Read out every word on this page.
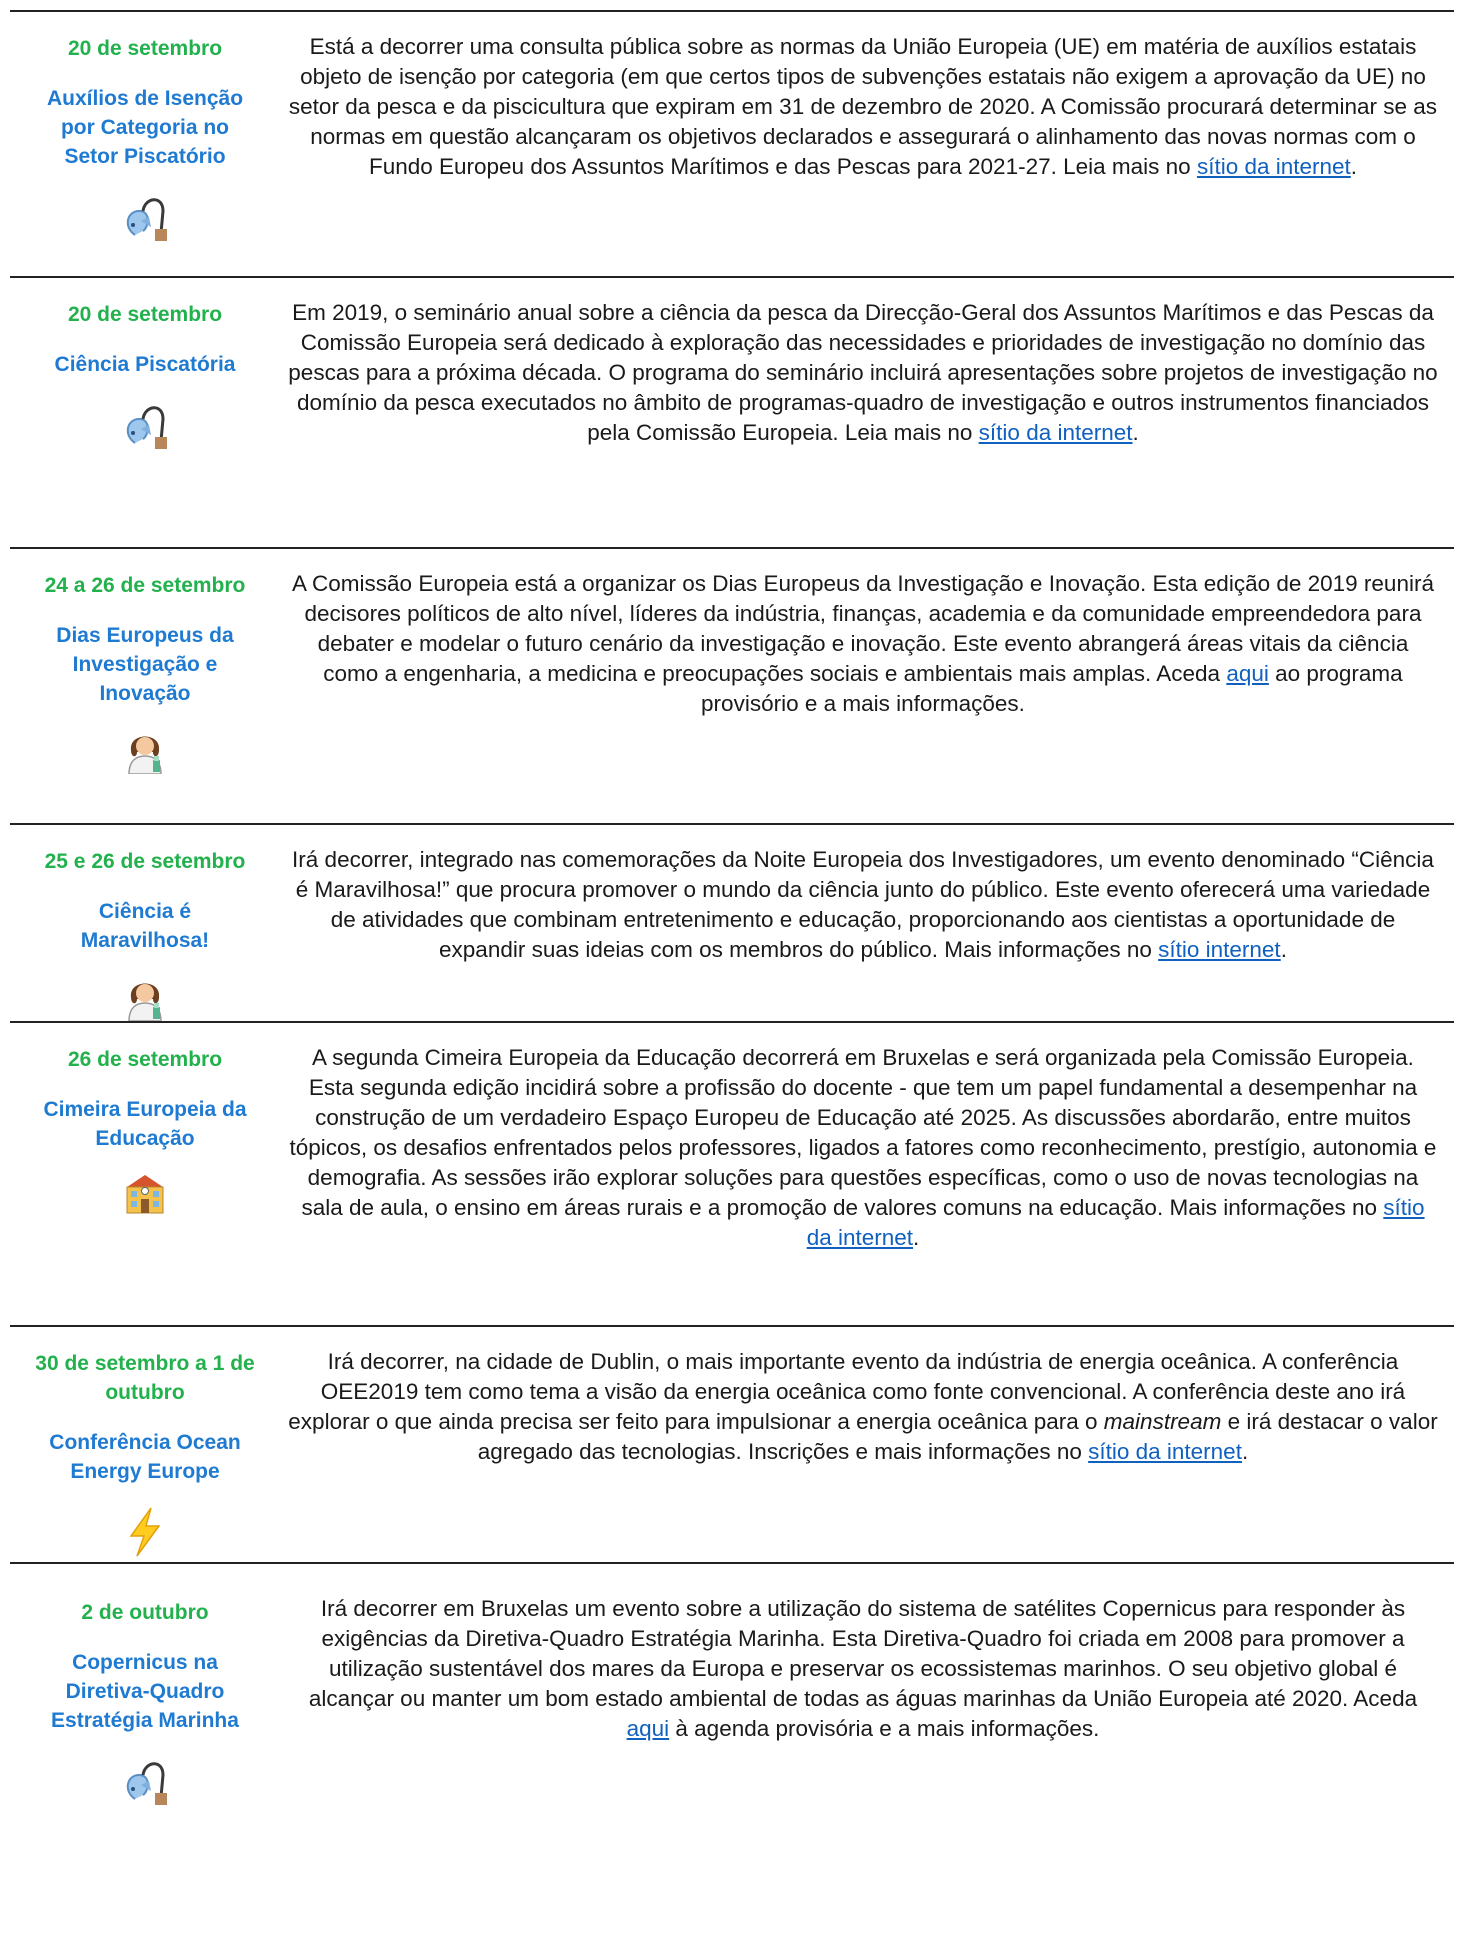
20 de setembro
Auxílios de Isenção por Categoria no Setor Piscatório
Está a decorrer uma consulta pública sobre as normas da União Europeia (UE) em matéria de auxílios estatais objeto de isenção por categoria (em que certos tipos de subvenções estatais não exigem a aprovação da UE) no setor da pesca e da piscicultura que expiram em 31 de dezembro de 2020. A Comissão procurará determinar se as normas em questão alcançaram os objetivos declarados e assegurará o alinhamento das novas normas com o Fundo Europeu dos Assuntos Marítimos e das Pescas para 2021-27. Leia mais no sítio da internet.
20 de setembro
Ciência Piscatória
Em 2019, o seminário anual sobre a ciência da pesca da Direcção-Geral dos Assuntos Marítimos e das Pescas da Comissão Europeia será dedicado à exploração das necessidades e prioridades de investigação no domínio das pescas para a próxima década. O programa do seminário incluirá apresentações sobre projetos de investigação no domínio da pesca executados no âmbito de programas-quadro de investigação e outros instrumentos financiados pela Comissão Europeia. Leia mais no sítio da internet.
24 a 26 de setembro
Dias Europeus da Investigação e Inovação
A Comissão Europeia está a organizar os Dias Europeus da Investigação e Inovação. Esta edição de 2019 reunirá decisores políticos de alto nível, líderes da indústria, finanças, academia e da comunidade empreendedora para debater e modelar o futuro cenário da investigação e inovação. Este evento abrangerá áreas vitais da ciência como a engenharia, a medicina e preocupações sociais e ambientais mais amplas. Aceda aqui ao programa provisório e a mais informações.
25 e 26 de setembro
Ciência é Maravilhosa!
Irá decorrer, integrado nas comemorações da Noite Europeia dos Investigadores, um evento denominado “Ciência é Maravilhosa!” que procura promover o mundo da ciência junto do público. Este evento oferecerá uma variedade de atividades que combinam entretenimento e educação, proporcionando aos cientistas a oportunidade de expandir suas ideias com os membros do público. Mais informações no sítio internet.
26 de setembro
Cimeira Europeia da Educação
A segunda Cimeira Europeia da Educação decorrerá em Bruxelas e será organizada pela Comissão Europeia. Esta segunda edição incidirá sobre a profissão do docente - que tem um papel fundamental a desempenhar na construção de um verdadeiro Espaço Europeu de Educação até 2025. As discussões abordarão, entre muitos tópicos, os desafios enfrentados pelos professores, ligados a fatores como reconhecimento, prestígio, autonomia e demografia. As sessões irão explorar soluções para questões específicas, como o uso de novas tecnologias na sala de aula, o ensino em áreas rurais e a promoção de valores comuns na educação. Mais informações no sítio da internet.
30 de setembro a 1 de outubro
Conferência Ocean Energy Europe
Irá decorrer, na cidade de Dublin, o mais importante evento da indústria de energia oceânica. A conferência OEE2019 tem como tema a visão da energia oceânica como fonte convencional. A conferência deste ano irá explorar o que ainda precisa ser feito para impulsionar a energia oceânica para o mainstream e irá destacar o valor agregado das tecnologias. Inscrições e mais informações no sítio da internet.
2 de outubro
Copernicus na Diretiva-Quadro Estratégia Marinha
Irá decorrer em Bruxelas um evento sobre a utilização do sistema de satélites Copernicus para responder às exigências da Diretiva-Quadro Estratégia Marinha. Esta Diretiva-Quadro foi criada em 2008 para promover a utilização sustentável dos mares da Europa e preservar os ecossistemas marinhos. O seu objetivo global é alcançar ou manter um bom estado ambiental de todas as águas marinhas da União Europeia até 2020. Aceda aqui à agenda provisória e a mais informações.
